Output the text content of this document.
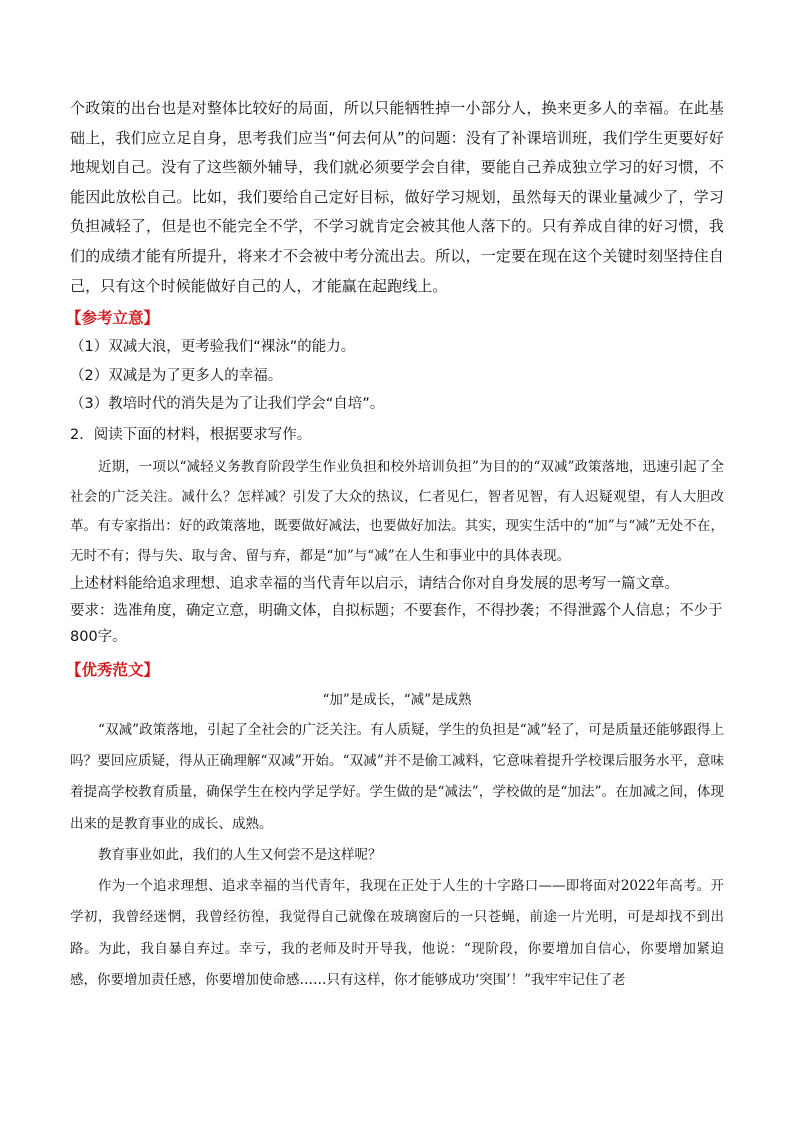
个政策的出台也是对整体比较好的局面，所以只能牺牲掉一小部分人，换来更多人的幸福。在此基础上，我们应立足自身，思考我们应当“何去何从”的问题：没有了补课培训班，我们学生更要好好地规划自己。没有了这些额外辅导，我们就必须要学会自律，要能自己养成独立学习的好习惯，不能因此放松自己。比如，我们要给自己定好目标，做好学习规划，虽然每天的课业量减少了，学习负担减轻了，但是也不能完全不学，不学习就肯定会被其他人落下的。只有养成自律的好习惯，我们的成绩才能有所提升，将来才不会被中考分流出去。所以，一定要在现在这个关键时刻坚持住自己，只有这个时候能做好自己的人，才能赢在起跑线上。

【参考立意】

（1）双减大浪，更考验我们“裸泳”的能力。

（2）双减是为了更多人的幸福。

（3）教培时代的消失是为了让我们学会“自培”。

2．阅读下面的材料，根据要求写作。

近期，一项以“减轻义务教育阶段学生作业负担和校外培训负担”为目的的“双减”政策落地，迅速引起了全社会的广泛关注。减什么？怎样减？引发了大众的热议，仁者见仁，智者见智，有人迟疑观望，有人大胆改革。有专家指出：好的政策落地，既要做好减法，也要做好加法。其实，现实生活中的“加”与“减”无处不在，无时不有；得与失、取与舍、留与弃，都是“加”与“减”在人生和事业中的具体表现。

上述材料能给追求理想、追求幸福的当代青年以启示，请结合你对自身发展的思考写一篇文章。

要求：选准角度，确定立意，明确文体，自拟标题；不要套作，不得抄袭；不得泄露个人信息；不少于 800字。

【优秀范文】
“加”是成长，“减”是成熟

“双减”政策落地，引起了全社会的广泛关注。有人质疑，学生的负担是“减”轻了，可是质量还能够跟得上吗？要回应质疑，得从正确理解“双减”开始。“双减”并不是偷工减料，它意味着提升学校课后服务水平，意味着提高学校教育质量，确保学生在校内学足学好。学生做的是“减法”，学校做的是“加法”。在加减之间，体现出来的是教育事业的成长、成熟。

教育事业如此，我们的人生又何尝不是这样呢？

作为一个追求理想、追求幸福的当代青年，我现在正处于人生的十字路口——即将面对2022年高考。开学初，我曾经迷惘，我曾经彷徨，我觉得自己就像在玻璃窗后的一只苍蝇，前途一片光明，可是却找不到出路。为此，我自暴自弃过。幸亏，我的老师及时开导我，他说：“现阶段，你要增加自信心，你要增加紧迫感，你要增加责任感，你要增加使命感……只有这样，你才能够成功‘突围’！”我牢牢记住了老
